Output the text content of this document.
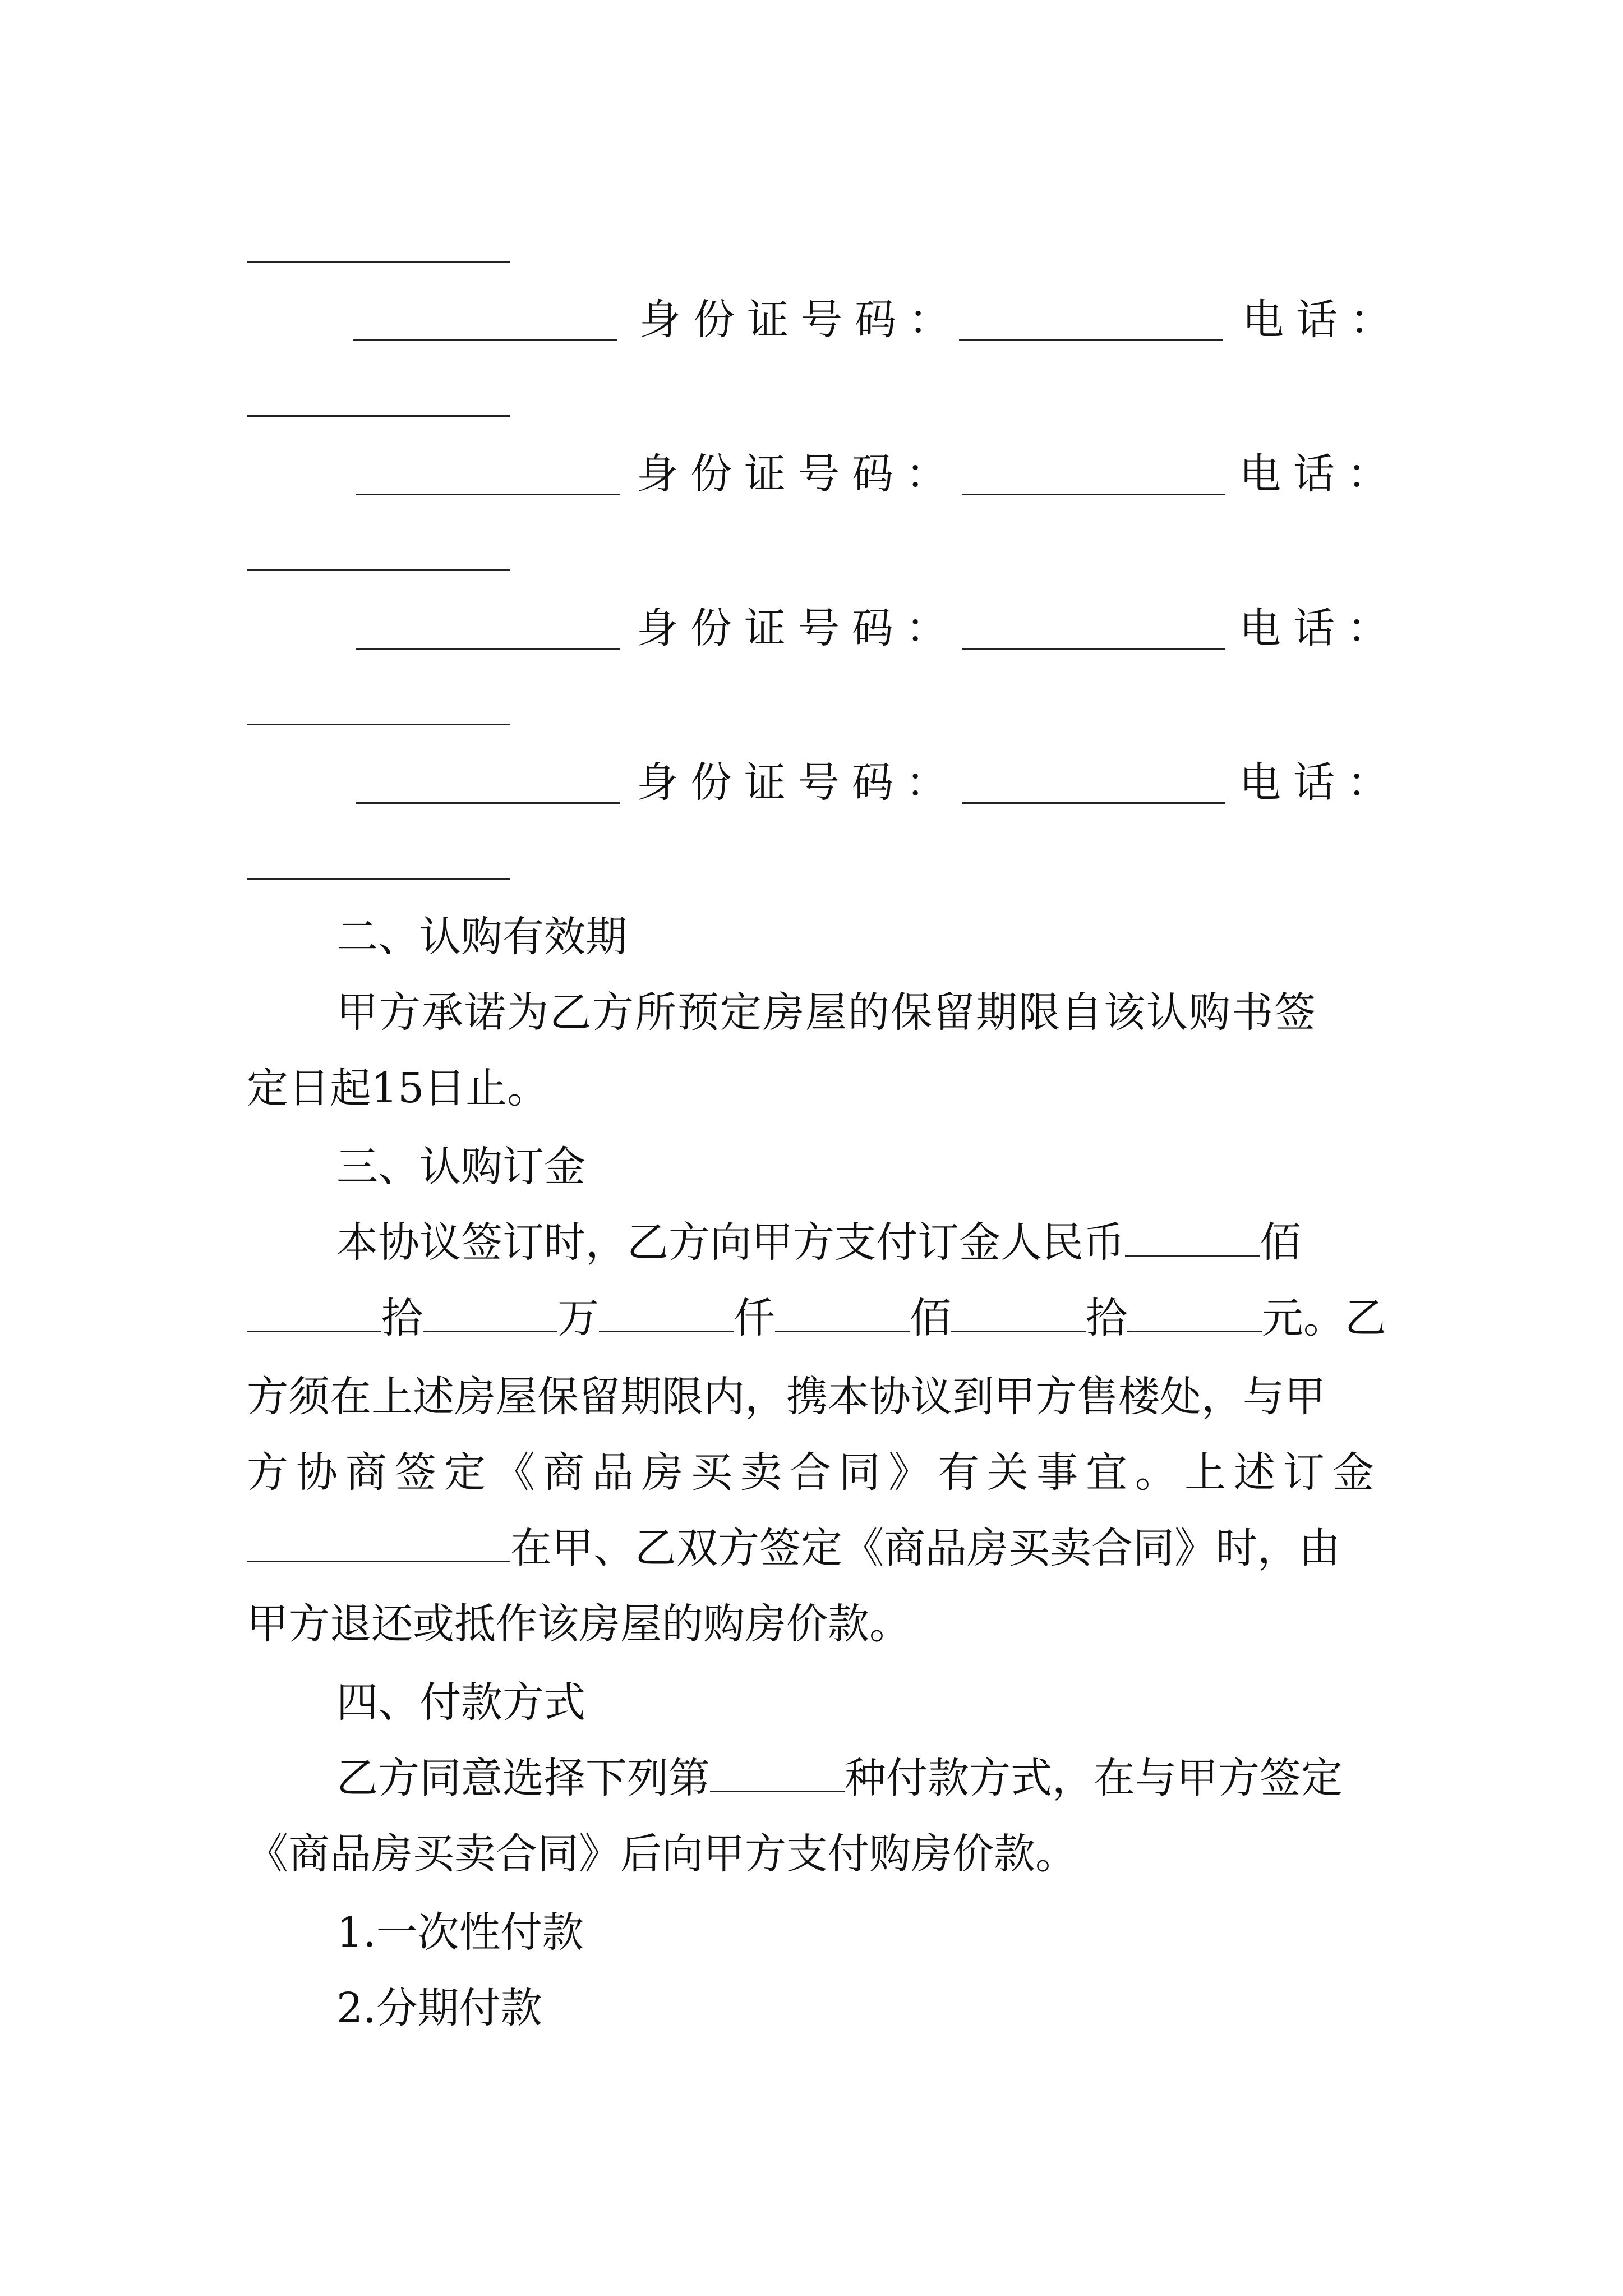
身份证号码：	电话：
身份证号码：	电话：
身份证号码：	电话：
身份证号码：	电话：
二、认购有效期
甲方承诺为乙方所预定房屋的保留期限自该认购书签
定日起15日止。
三、认购订金
本协议签订时，乙方向甲方支付订金人民币	佰
拾	万	仟	佰	拾	元。乙
方须在上述房屋保留期限内，携本协议到甲方售楼处，与甲
方协商签定《商品房买卖合同》有关事宜。上述订金
在甲、乙双方签定《商品房买卖合同》时，由
甲方退还或抵作该房屋的购房价款。
四、付款方式
乙方同意选择下列第	种付款方式，在与甲方签定
《商品房买卖合同》后向甲方支付购房价款。
1.一次性付款
2.分期付款
